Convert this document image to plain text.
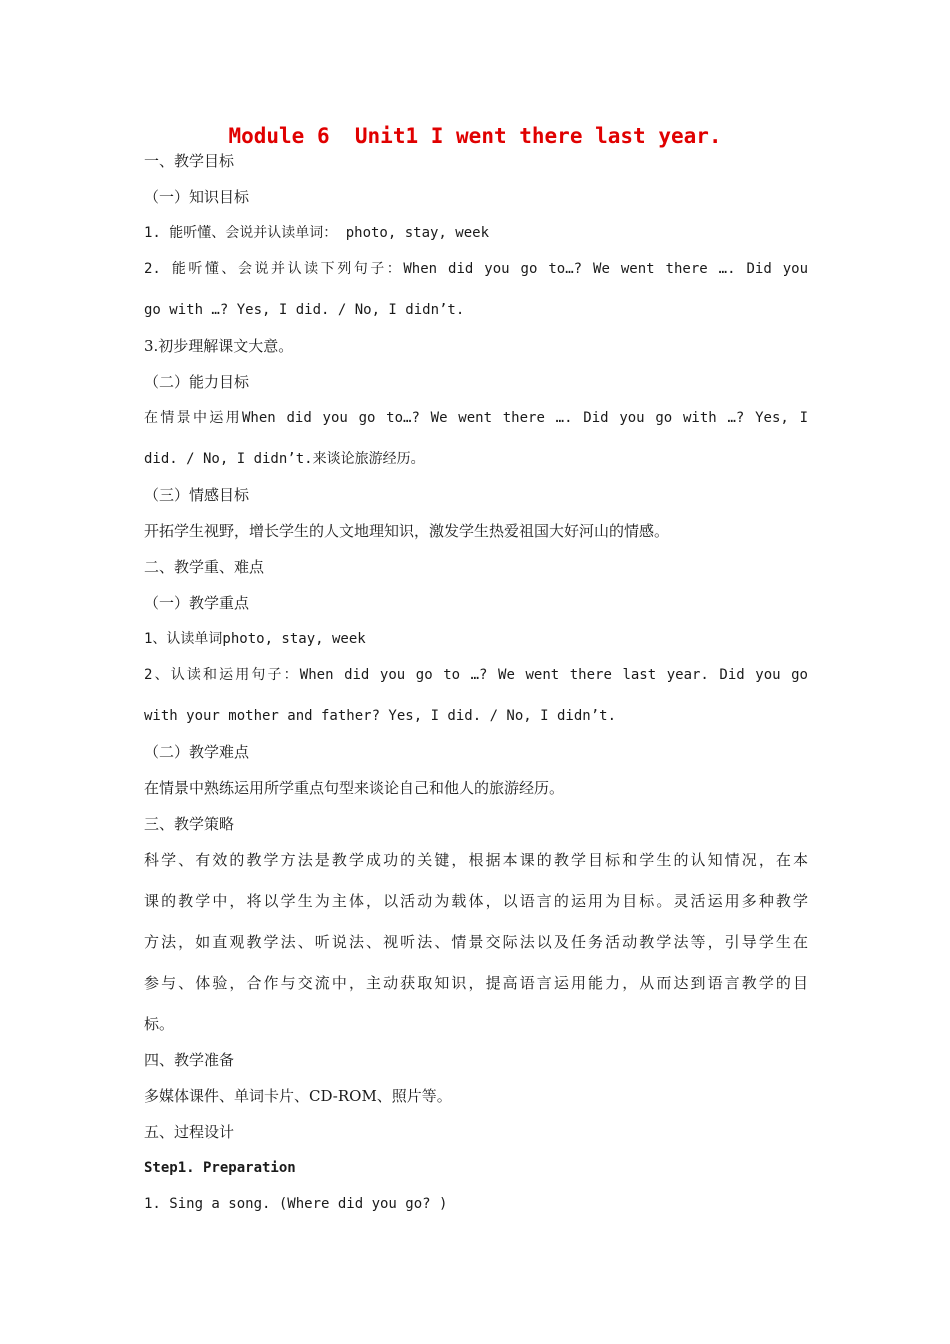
Module 6  Unit1 I went there last year.
一、教学目标
（一）知识目标
1. 能听懂、会说并认读单词： photo, stay, week
2. 能听懂、会说并认读下列句子：When did you go to…? We went there …. Did you
go with …? Yes, I did. / No, I didn’t.
3.初步理解课文大意。
（二）能力目标
在情景中运用When did you go to…? We went there …. Did you go with …? Yes, I
did. / No, I didn’t.来谈论旅游经历。
（三）情感目标
开拓学生视野，增长学生的人文地理知识，激发学生热爱祖国大好河山的情感。
二、教学重、难点
（一）教学重点
1、认读单词photo, stay, week
2、认读和运用句子：When did you go to …? We went there last year. Did you go
with your mother and father? Yes, I did. / No, I didn’t.
（二）教学难点
在情景中熟练运用所学重点句型来谈论自己和他人的旅游经历。
三、教学策略
科学、有效的教学方法是教学成功的关键，根据本课的教学目标和学生的认知情况，在本
课的教学中，将以学生为主体，以活动为载体，以语言的运用为目标。灵活运用多种教学
方法，如直观教学法、听说法、视听法、情景交际法以及任务活动教学法等，引导学生在
参与、体验，合作与交流中，主动获取知识，提高语言运用能力，从而达到语言教学的目
标。
四、教学准备
多媒体课件、单词卡片、CD-ROM、照片等。
五、过程设计
Step1. Preparation
1. Sing a song. (Where did you go? )
